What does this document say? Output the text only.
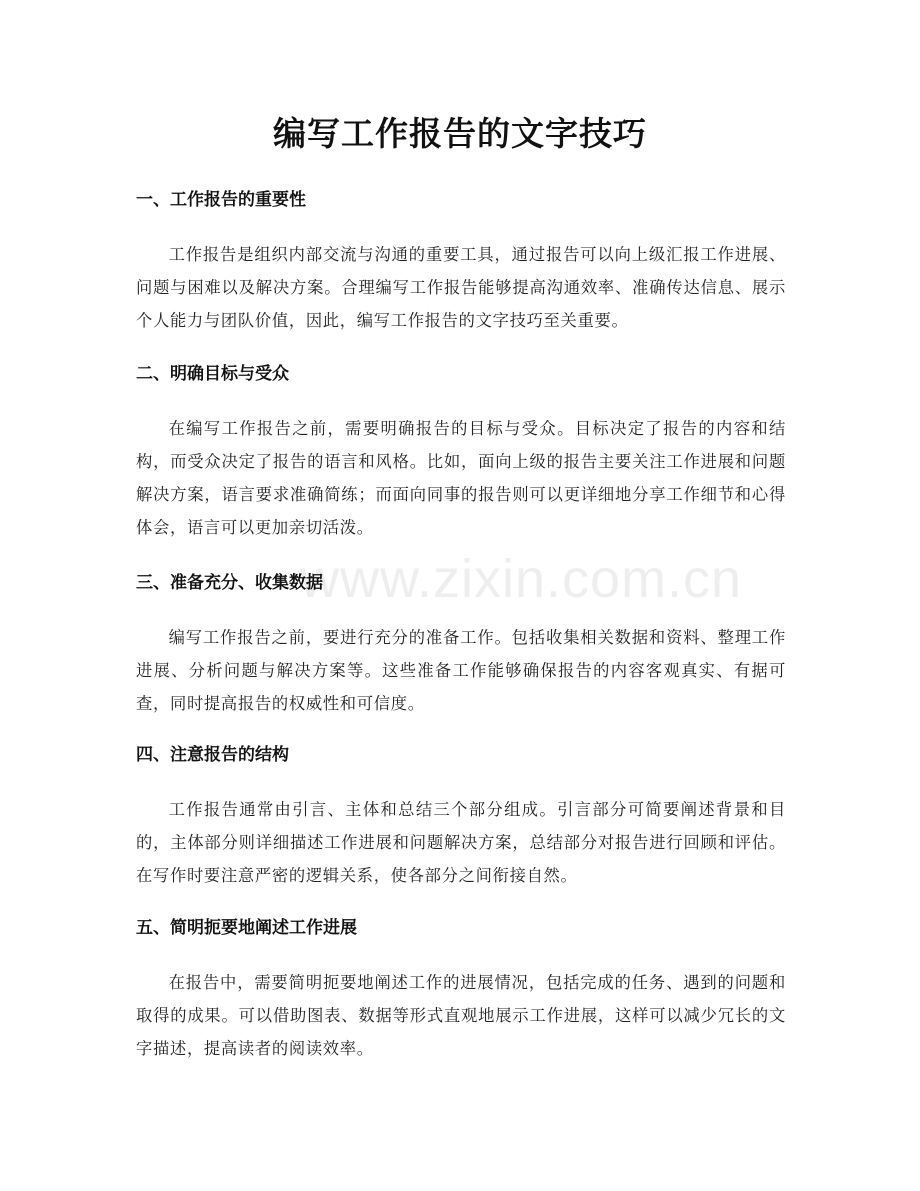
编写工作报告的文字技巧
www.zixin.com.cn
一、工作报告的重要性

工作报告是组织内部交流与沟通的重要工具，通过报告可以向上级汇报工作进展、问题与困难以及解决方案。合理编写工作报告能够提高沟通效率、准确传达信息、展示个人能力与团队价值，因此，编写工作报告的文字技巧至关重要。

二、明确目标与受众

在编写工作报告之前，需要明确报告的目标与受众。目标决定了报告的内容和结构，而受众决定了报告的语言和风格。比如，面向上级的报告主要关注工作进展和问题解决方案，语言要求准确简练；而面向同事的报告则可以更详细地分享工作细节和心得体会，语言可以更加亲切活泼。

三、准备充分、收集数据

编写工作报告之前，要进行充分的准备工作。包括收集相关数据和资料、整理工作进展、分析问题与解决方案等。这些准备工作能够确保报告的内容客观真实、有据可查，同时提高报告的权威性和可信度。

四、注意报告的结构

工作报告通常由引言、主体和总结三个部分组成。引言部分可简要阐述背景和目的，主体部分则详细描述工作进展和问题解决方案，总结部分对报告进行回顾和评估。在写作时要注意严密的逻辑关系，使各部分之间衔接自然。

五、简明扼要地阐述工作进展

在报告中，需要简明扼要地阐述工作的进展情况，包括完成的任务、遇到的问题和取得的成果。可以借助图表、数据等形式直观地展示工作进展，这样可以减少冗长的文字描述，提高读者的阅读效率。
